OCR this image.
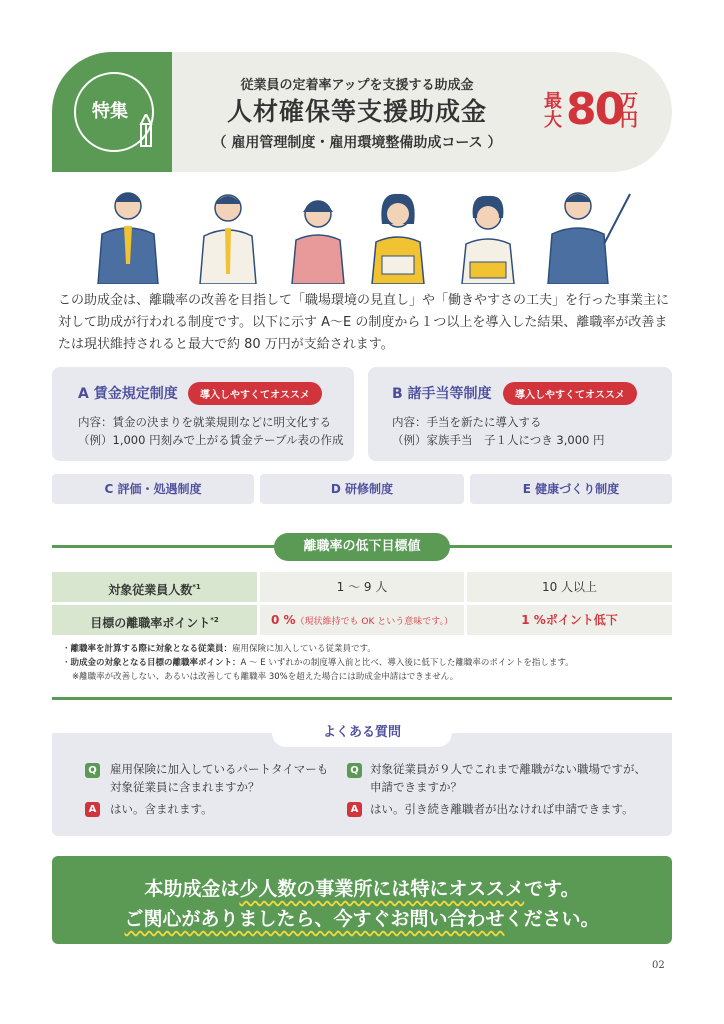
特集
従業員の定着率アップを支援する助成金
人材確保等支援助成金
（ 雇用管理制度・雇用環境整備助成コース ）
最大 80
万円
この助成金は、離職率の改善を目指して「職場環境の見直し」や「働きやすさの工夫」を行った事業主に対して助成が行われる制度です。以下に示す A〜E の制度から１つ以上を導入した結果、離職率が改善または現状維持されると最大で約 80 万円が支給されます。
A 賃金規定制度	導入しやすくてオススメ
内容：賃金の決まりを就業規則などに明文化する
（例）1,000 円刻みで上がる賃金テーブル表の作成
B 諸手当等制度	導入しやすくてオススメ
内容：手当を新たに導入する
（例）家族手当　子１人につき 3,000 円
C 評価・処遇制度	D 研修制度	E 健康づくり制度
離職率の低下目標値
対象従業員人数$^{*1}$	1 〜 9 人	10 人以上
目標の離職率ポイント$^{*2}$	0 %（現状維持でも OK という意味です。）	1 %ポイント低下
・離職率を計算する際に対象となる従業員：雇用保険に加入している従業員です。
・助成金の対象となる目標の離職率ポイント：A 〜 E いずれかの制度導入前と比べ、導入後に低下した離職率のポイントを指します。
※離職率が改善しない、あるいは改善しても離職率 30%を超えた場合には助成金申請はできません。
よくある質問
Q 雇用保険に加入しているパートタイマーも
対象従業員に含まれますか？
A	はい。含まれます。
Q 対象従業員が９人でこれまで離職がない職場ですが、
申請できますか？
A	はい。引き続き離職者が出なければ申請できます。
本助成金は少人数の事業所には特にオススメです。
ご関心がありましたら、今すぐお問い合わせください。
02
